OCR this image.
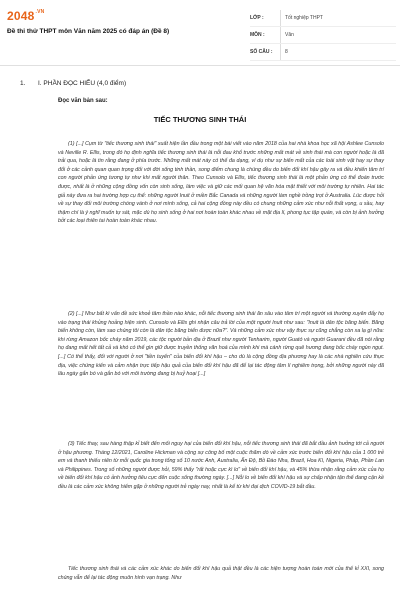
$2048^{.VN}$
Đề thi thử THPT môn Văn năm 2025 có đáp án (Đề 8)
LỚP :	Tốt nghiệp THPT
MÔN :	Văn
SỐ CÂU :	8
1. I. PHẦN ĐỌC HIỂU (4,0 điểm)
Đọc văn bản sau:
TIẾC THƯƠNG SINH THÁI
(1) [...] Cụm từ "tiếc thương sinh thái" xuất hiện lần đầu trong một bài viết vào năm 2018 của hai nhà khoa học xã hội Ashlee Cunsolo và Neville R. Ellis, trong đó họ định nghĩa tiếc thương sinh thái là nỗi đau khổ trước những mất mát về sinh thái mà con người hoặc là đã trải qua, hoặc là tin rằng đang ở phía trước. Những mất mát này có thể đa dạng, ví dụ như sự biến mất của các loài sinh vật hay sự thay đổi ở các cảnh quan quan trọng đối với đời sống tinh thần, song điểm chung là chúng đều do biến đổi khí hậu gây ra và đều khiến tâm trí con người phản ứng tương tự như khi mất người thân. Theo Cunsolo và Ellis, tiếc thương sinh thái là một phản ứng có thể đoán trước được, nhất là ở những cộng đồng vốn còn sinh sống, làm việc và giữ các mối quan hệ văn hóa mật thiết với môi trường tự nhiên. Hai tác giả này đưa ra hai trường hợp cụ thể: những người Inuit ở miền Bắc Canada và những người làm nghề trồng trọt ở Australia. Lúc được hỏi về sự thay đổi môi trường chóng vánh ở nơi mình sống, cả hai cộng đồng này đều có chung những cảm xúc như nỗi thất vọng, u sầu, hay thậm chí là ý nghĩ muốn tự sát, mặc dù họ sinh sống ở hai nơi hoàn toàn khác nhau về mặt địa lí, phong tục tập quán, và còn bị ảnh hưởng bởi các loại thiên tai hoàn toàn khác nhau.
(2) [...] Như bất kì vấn đề sức khoẻ tâm thần nào khác, nỗi tiếc thương sinh thái ăn sâu vào tâm trí một người và thường xuyên đẩy họ vào trạng thái khủng hoảng hiện sinh. Cunsolo và Ellis ghi nhận câu trả lời của một người Inuit như sau: "Inuit là dân tộc băng biển. Băng biển không còn, làm sao chúng tôi còn là dân tộc băng biển được nữa?". Và những cảm xúc như vậy thực sự cũng chẳng còn xa lạ gì nữa: khi rừng Amazon bốc cháy năm 2019, các tộc người bản địa ở Brazil như người Tenharim, người Guató và người Guarani đều đã nói rằng họ đang mất hết tất cả và khó có thể gìn giữ được truyền thống văn hoá của mình khi mà cánh rừng quê hương đang bốc cháy ngùn ngụt. [...] Có thể thấy, đối với người ở nơi "tiền tuyến" của biến đổi khí hậu – cho dù là cộng đồng địa phương hay là các nhà nghiên cứu thực địa, việc chứng kiến và cảm nhận trực tiếp hậu quả của biến đổi khí hậu đã để lại tác động tâm lí nghiêm trọng, bởi những người này đã lâu ngày gắn bó và gắn bó với môi trường đang bị huỷ hoại [...]
(3) Tiếc thay, sau hàng thập kỉ biết đến mối nguy hại của biến đổi khí hậu, nỗi tiếc thương sinh thái đã bắt đầu ảnh hưởng tới cả người ở hậu phương. Tháng 12/2021, Caroline Hickman và cộng sự công bố một cuộc thăm dò về cảm xúc trước biến đổi khí hậu của 1 000 trẻ em và thanh thiếu niên từ mỗi quốc gia trong tổng số 10 nước Anh, Australia, Ấn Độ, Bồ Đào Nha, Brazil, Hoa Kì, Nigeria, Pháp, Phần Lan và Philippines. Trong số những người được hỏi, 59% thấy "rất hoặc cực kì lo" về biến đổi khí hậu, và 45% thừa nhận rằng cảm xúc của họ về biến đổi khí hậu có ảnh hưởng tiêu cực đến cuộc sống thường ngày. [...] Nỗi lo về biến đổi khí hậu và sự chấp nhận tận thế đang cận kề đều là các cảm xúc không hiếm gặp ở những người trẻ ngày nay, nhất là kể từ khi đại dịch COVID-19 bắt đầu.
Tiếc thương sinh thái và các cảm xúc khác do biến đổi khí hậu quả thật đều là các hiện tượng hoàn toàn mới của thế kỉ XXI, song chúng vẫn để lại tác động muôn hình vạn trạng. Như
